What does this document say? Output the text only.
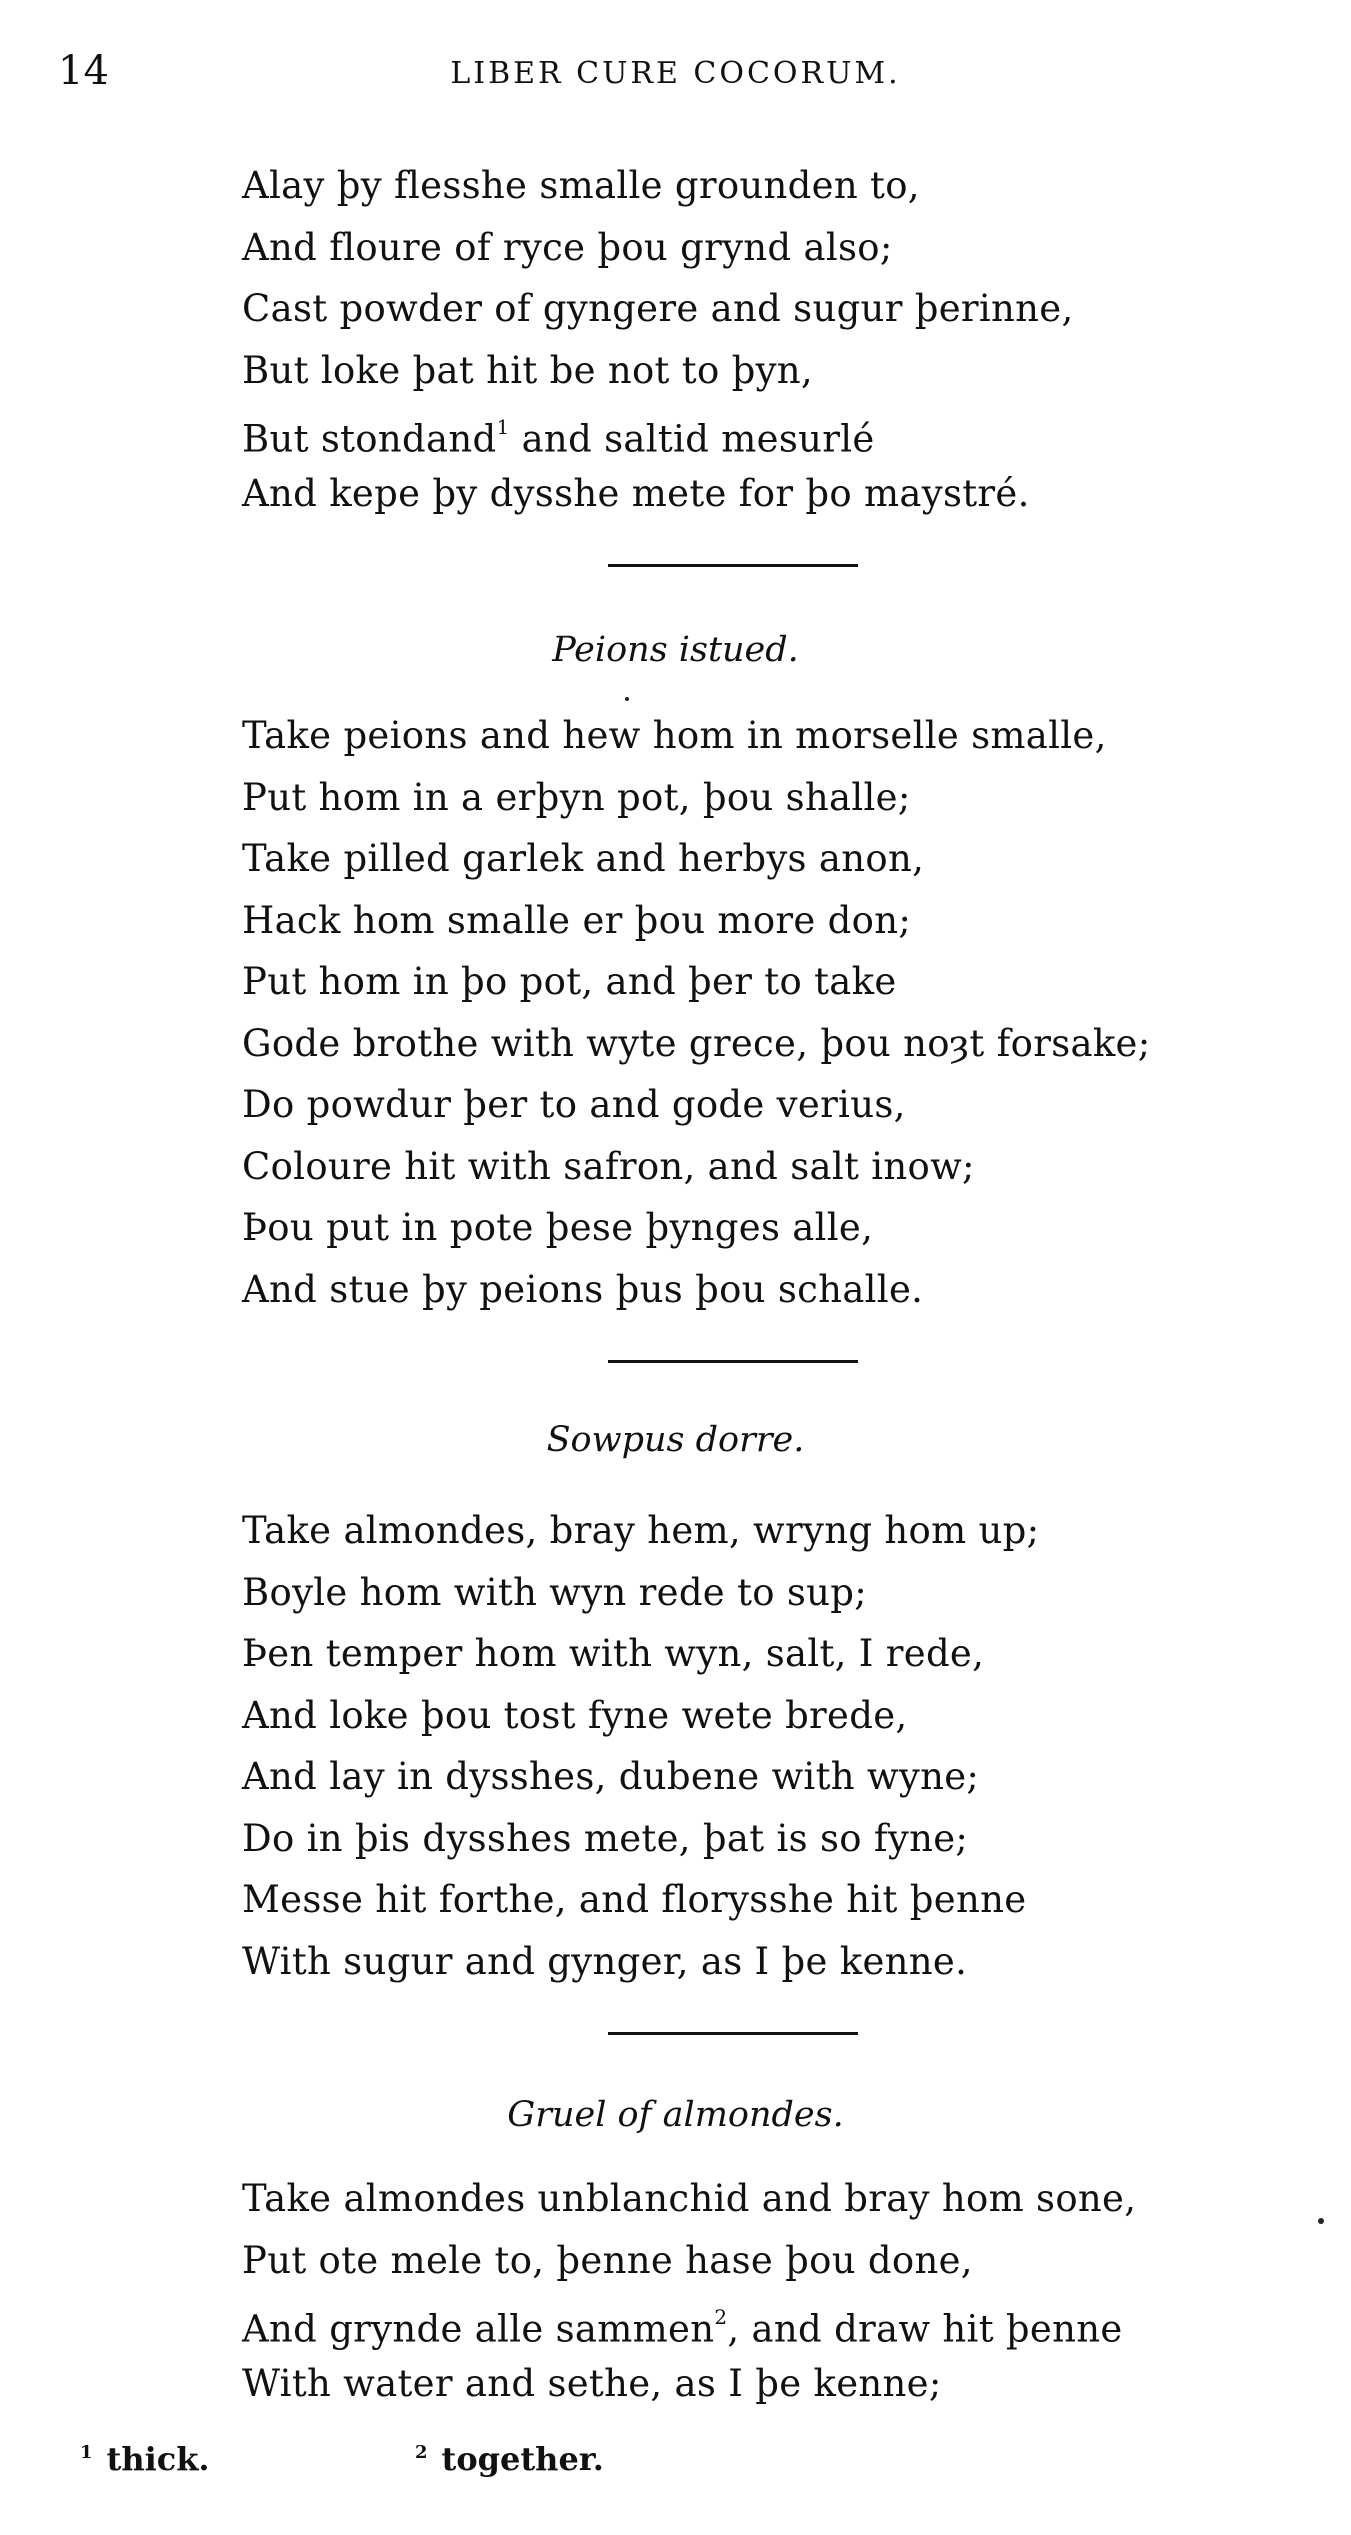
14	LIBER CURE COCORUM.
Alay þy flesshe smalle grounden to,
And floure of ryce þou grynd also;
Cast powder of gyngere and sugur þerinne,
But loke þat hit be not to þyn,
But stondand$^1$ and saltid mesurlé
And kepe þy dysshe mete for þo maystré.
Peions istued.
Take peions and hew hom in morselle smalle,
Put hom in a erþyn pot, þou shalle;
Take pilled garlek and herbys anon,
Hack hom smalle er þou more don;
Put hom in þo pot, and þer to take
Gode brothe with wyte grece, þou noȝt forsake;
Do powdur þer to and gode verius,
Coloure hit with safron, and salt inow;
Þou put in pote þese þynges alle,
And stue þy peions þus þou schalle.
Sowpus dorre.
Take almondes, bray hem, wryng hom up;
Boyle hom with wyn rede to sup;
Þen temper hom with wyn, salt, I rede,
And loke þou tost fyne wete brede,
And lay in dysshes, dubene with wyne;
Do in þis dysshes mete, þat is so fyne;
Messe hit forthe, and florysshe hit þenne
With sugur and gynger, as I þe kenne.
Gruel of almondes.
Take almondes unblanchid and bray hom sone,
Put ote mele to, þenne hase þou done,
And grynde alle sammen$^2$, and draw hit þenne
With water and sethe, as I þe kenne;
$^1$ thick.	$^2$ together.
